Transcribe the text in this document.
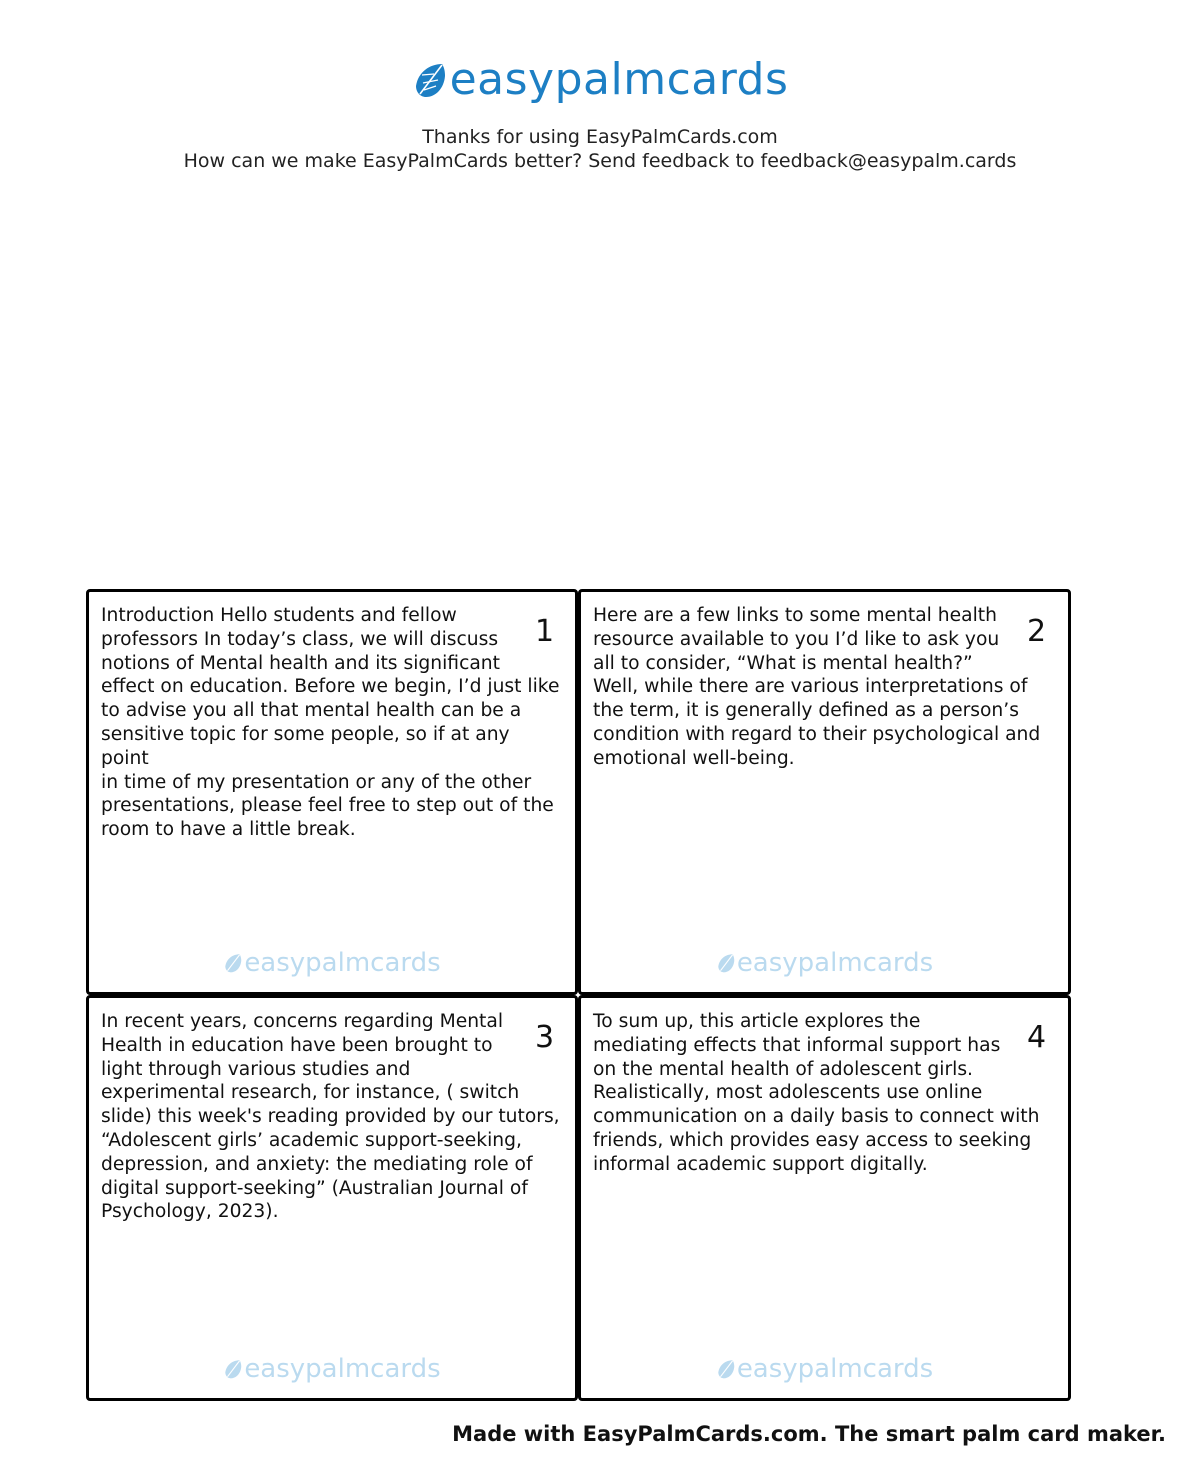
easypalmcards
Thanks for using EasyPalmCards.com
How can we make EasyPalmCards better? Send feedback to feedback@easypalm.cards
Introduction Hello students and fellow
professors In today’s class, we will discuss
notions of Mental health and its significant
effect on education. Before we begin, I’d just like
to advise you all that mental health can be a
sensitive topic for some people, so if at any point
in time of my presentation or any of the other
presentations, please feel free to step out of the
room to have a little break.
1
easypalmcards
Here are a few links to some mental health
resource available to you I’d like to ask you
all to consider, “What is mental health?”
Well, while there are various interpretations of
the term, it is generally defined as a person’s
condition with regard to their psychological and
emotional well-being.
2
easypalmcards
In recent years, concerns regarding Mental
Health in education have been brought to
light through various studies and
experimental research, for instance, ( switch
slide) this week's reading provided by our tutors,
“Adolescent girls’ academic support-seeking,
depression, and anxiety: the mediating role of
digital support-seeking” (Australian Journal of
Psychology, 2023).
3
easypalmcards
To sum up, this article explores the
mediating effects that informal support has
on the mental health of adolescent girls.
Realistically, most adolescents use online
communication on a daily basis to connect with
friends, which provides easy access to seeking
informal academic support digitally.
4
easypalmcards
Made with EasyPalmCards.com. The smart palm card maker.
